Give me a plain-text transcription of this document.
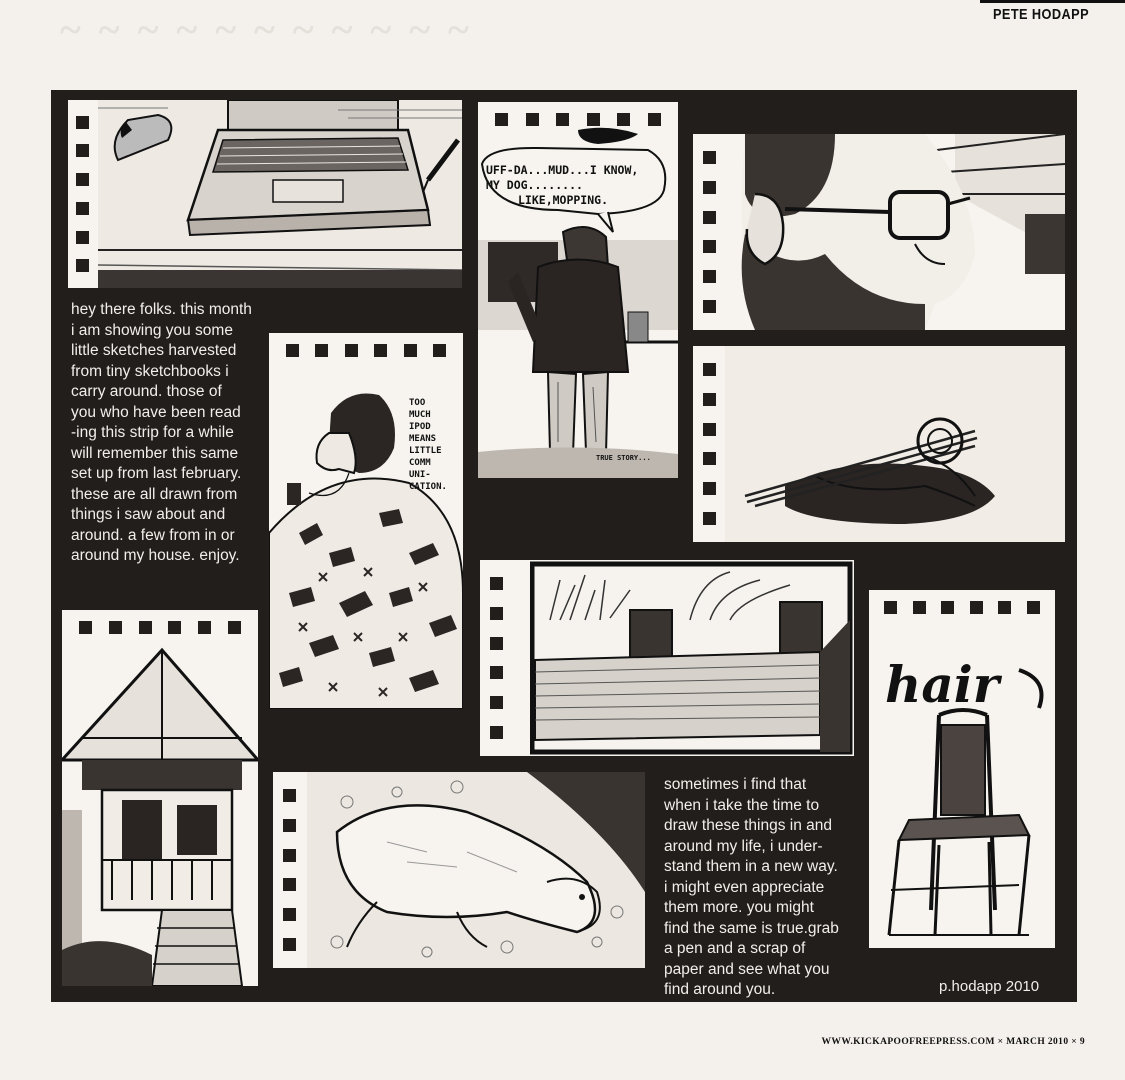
~ ~ ~ ~ ~ ~ ~ ~ ~ ~ ~	PETE HODAPP
UFF-DA...MUD...I KNOW,
MY DOG........
LIKE,MOPPING.
TRUE STORY...
hey there folks. this month
i am showing you some
little sketches harvested
from tiny sketchbooks i
carry around. those of
you who have been read
-ing this strip for a while
will remember this same
set up from last february.
these are all drawn from
things i saw about and
around. a few from in or
around my house. enjoy.
TOO
MUCH
IPOD
MEANS
LITTLE
COMM
UNI-
CATION.
hair
sometimes i find that
when i take the time to
draw these things in and
around my life, i under-
stand them in a new way.
i might even appreciate
them more. you might
find the same is true.grab
a pen and a scrap of
paper and see what you
find around you.	p.hodapp 2010
WWW.KICKAPOOFREEPRESS.COM × MARCH 2010 × 9
